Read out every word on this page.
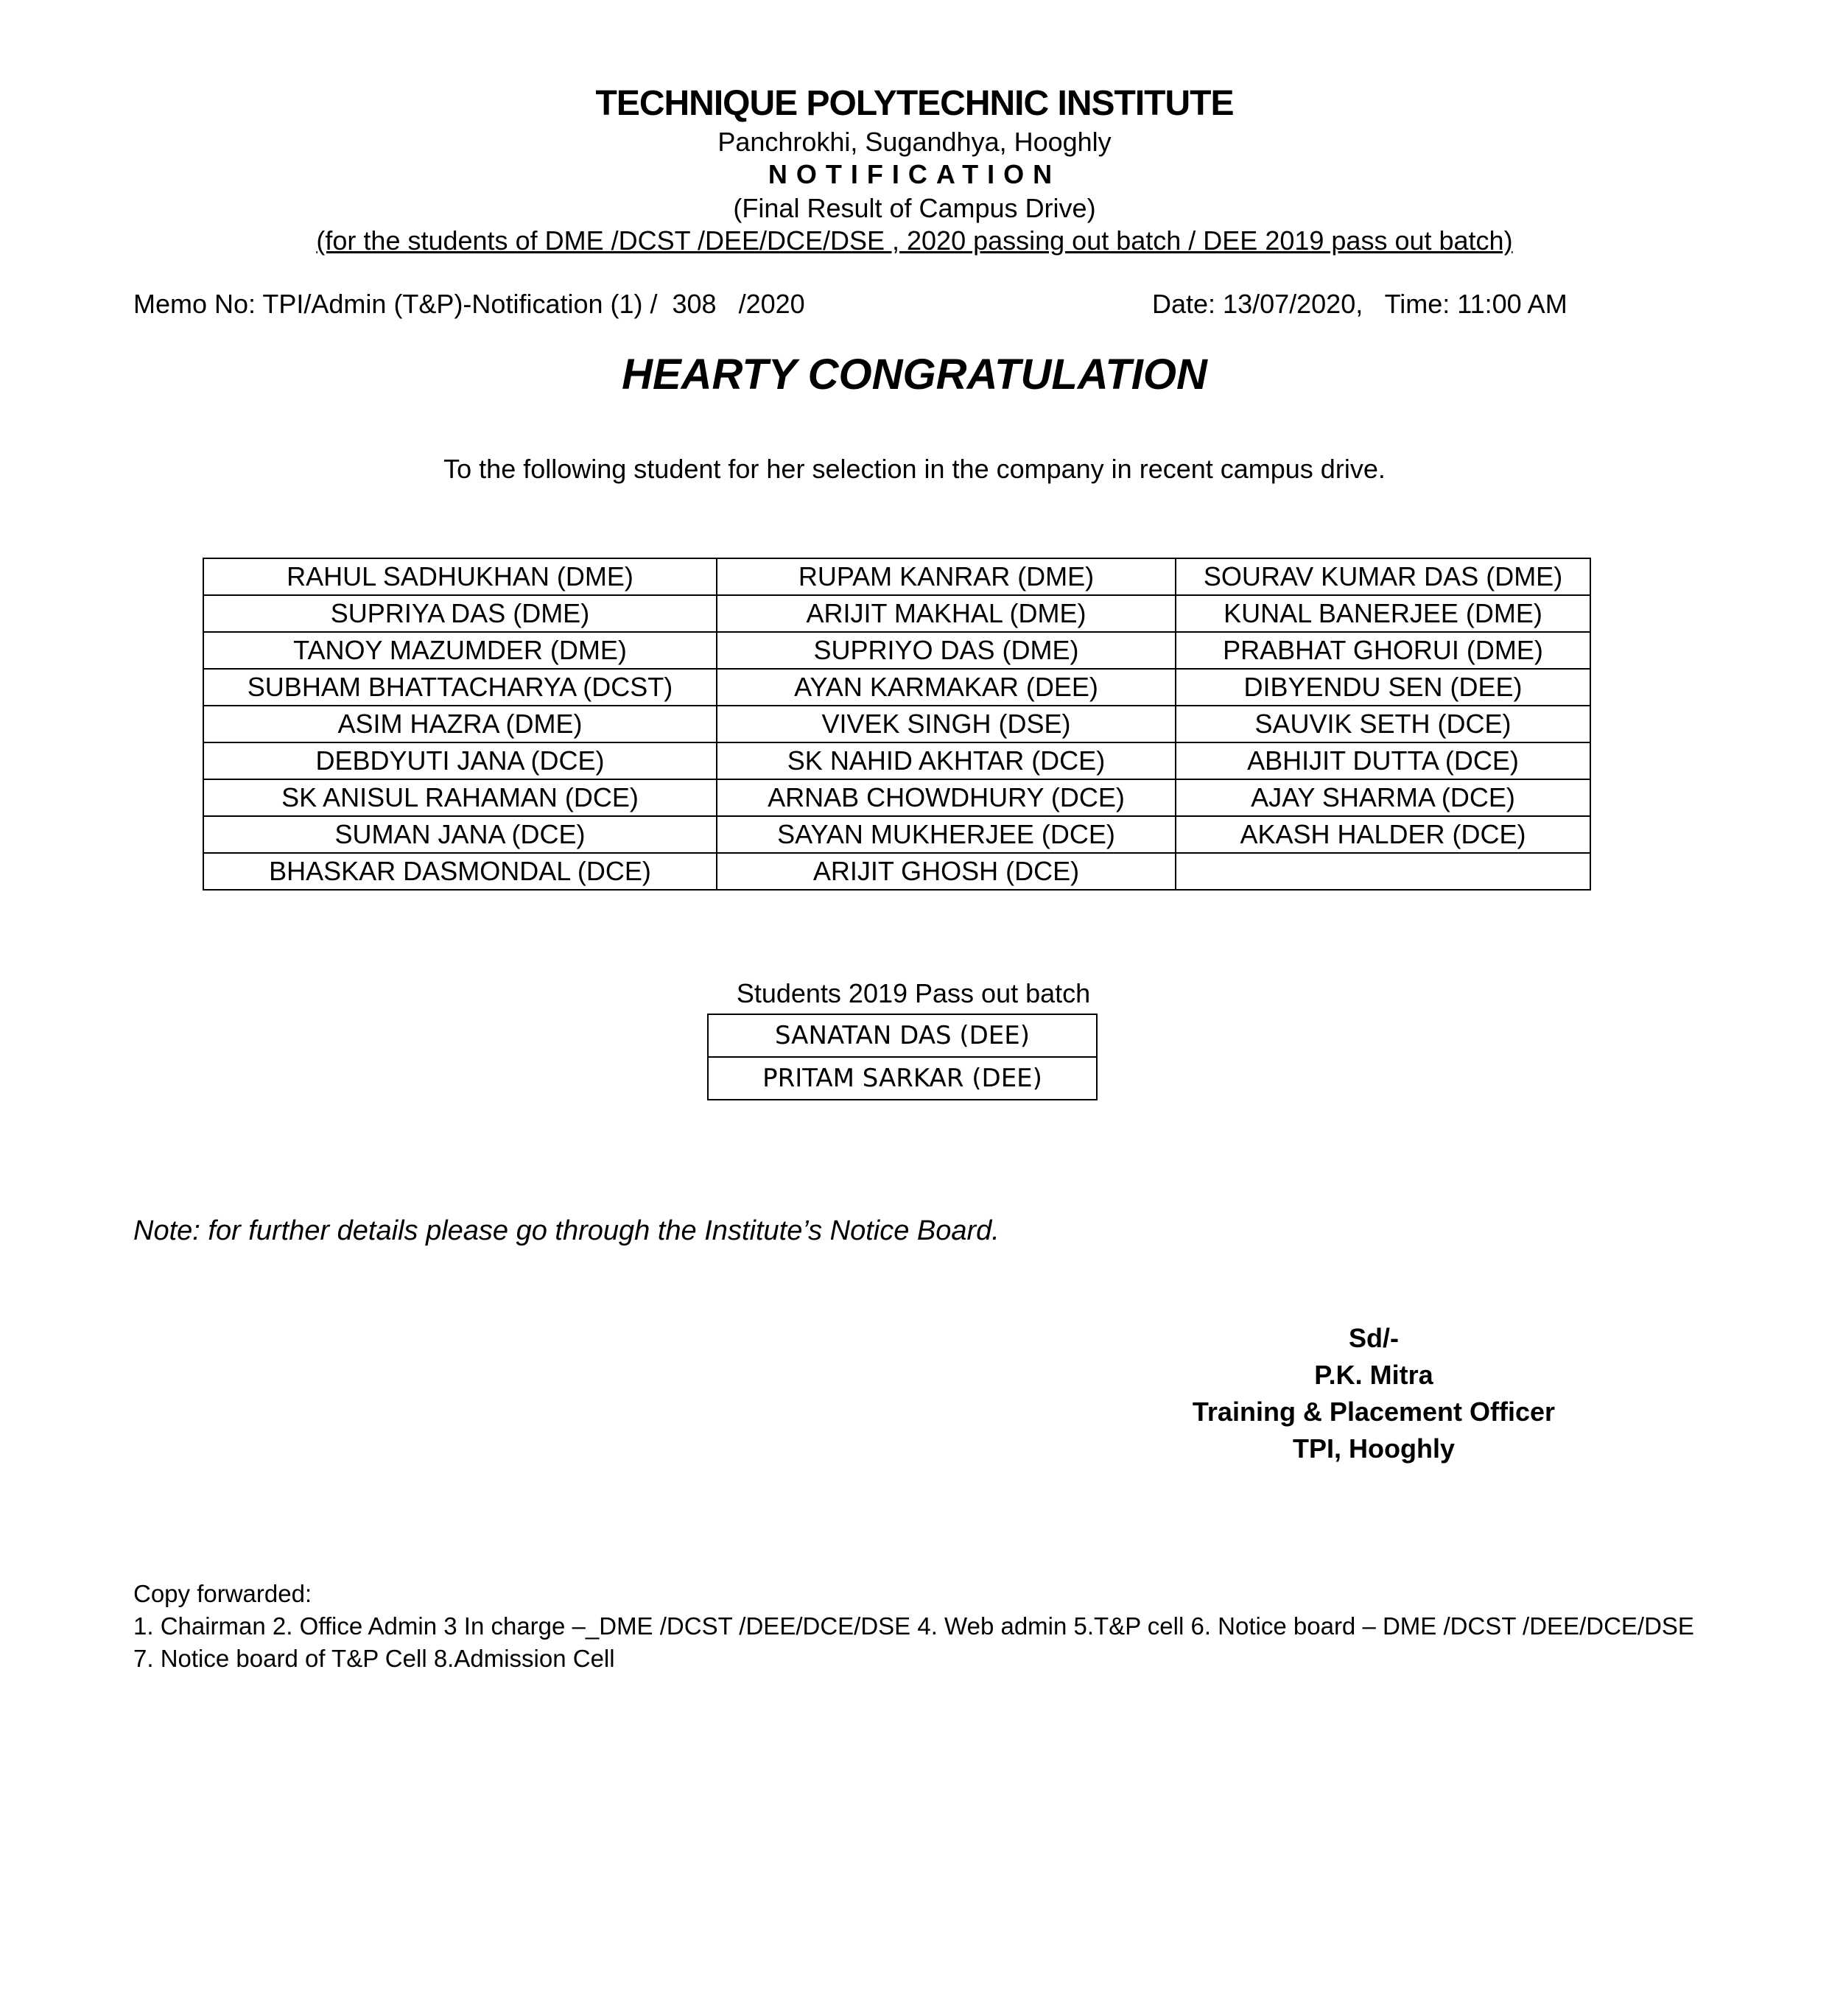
TECHNIQUE POLYTECHNIC INSTITUTE
Panchrokhi, Sugandhya, Hooghly
NOTIFICATION
(Final Result of Campus Drive)
(for the students of DME /DCST /DEE/DCE/DSE , 2020 passing out batch / DEE 2019 pass out batch)
Memo No: TPI/Admin (T&P)-Notification (1) /  308   /2020	Date: 13/07/2020,   Time: 11:00 AM
HEARTY CONGRATULATION
To the following student for her selection in the company in recent campus drive.
RAHUL SADHUKHAN (DME)	RUPAM KANRAR (DME)	SOURAV KUMAR DAS (DME)
SUPRIYA DAS (DME)	ARIJIT MAKHAL (DME)	KUNAL BANERJEE (DME)
TANOY MAZUMDER (DME)	SUPRIYO DAS (DME)	PRABHAT GHORUI (DME)
SUBHAM BHATTACHARYA (DCST)	AYAN KARMAKAR (DEE)	DIBYENDU SEN (DEE)
ASIM HAZRA (DME)	VIVEK SINGH (DSE)	SAUVIK SETH (DCE)
DEBDYUTI JANA (DCE)	SK NAHID AKHTAR (DCE)	ABHIJIT DUTTA (DCE)
SK ANISUL RAHAMAN (DCE)	ARNAB CHOWDHURY (DCE)	AJAY SHARMA (DCE)
SUMAN JANA (DCE)	SAYAN MUKHERJEE (DCE)	AKASH HALDER (DCE)
BHASKAR DASMONDAL (DCE)	ARIJIT GHOSH (DCE)	
Students 2019 Pass out batch
SANATAN DAS (DEE)
PRITAM SARKAR (DEE)
Note: for further details please go through the Institute’s Notice Board.
Sd/-
P.K. Mitra
Training & Placement Officer
TPI, Hooghly
Copy forwarded:
1. Chairman 2. Office Admin 3 In charge –_DME /DCST /DEE/DCE/DSE 4. Web admin 5.T&P cell 6. Notice board – DME /DCST /DEE/DCE/DSE
7. Notice board of T&P Cell 8.Admission Cell
